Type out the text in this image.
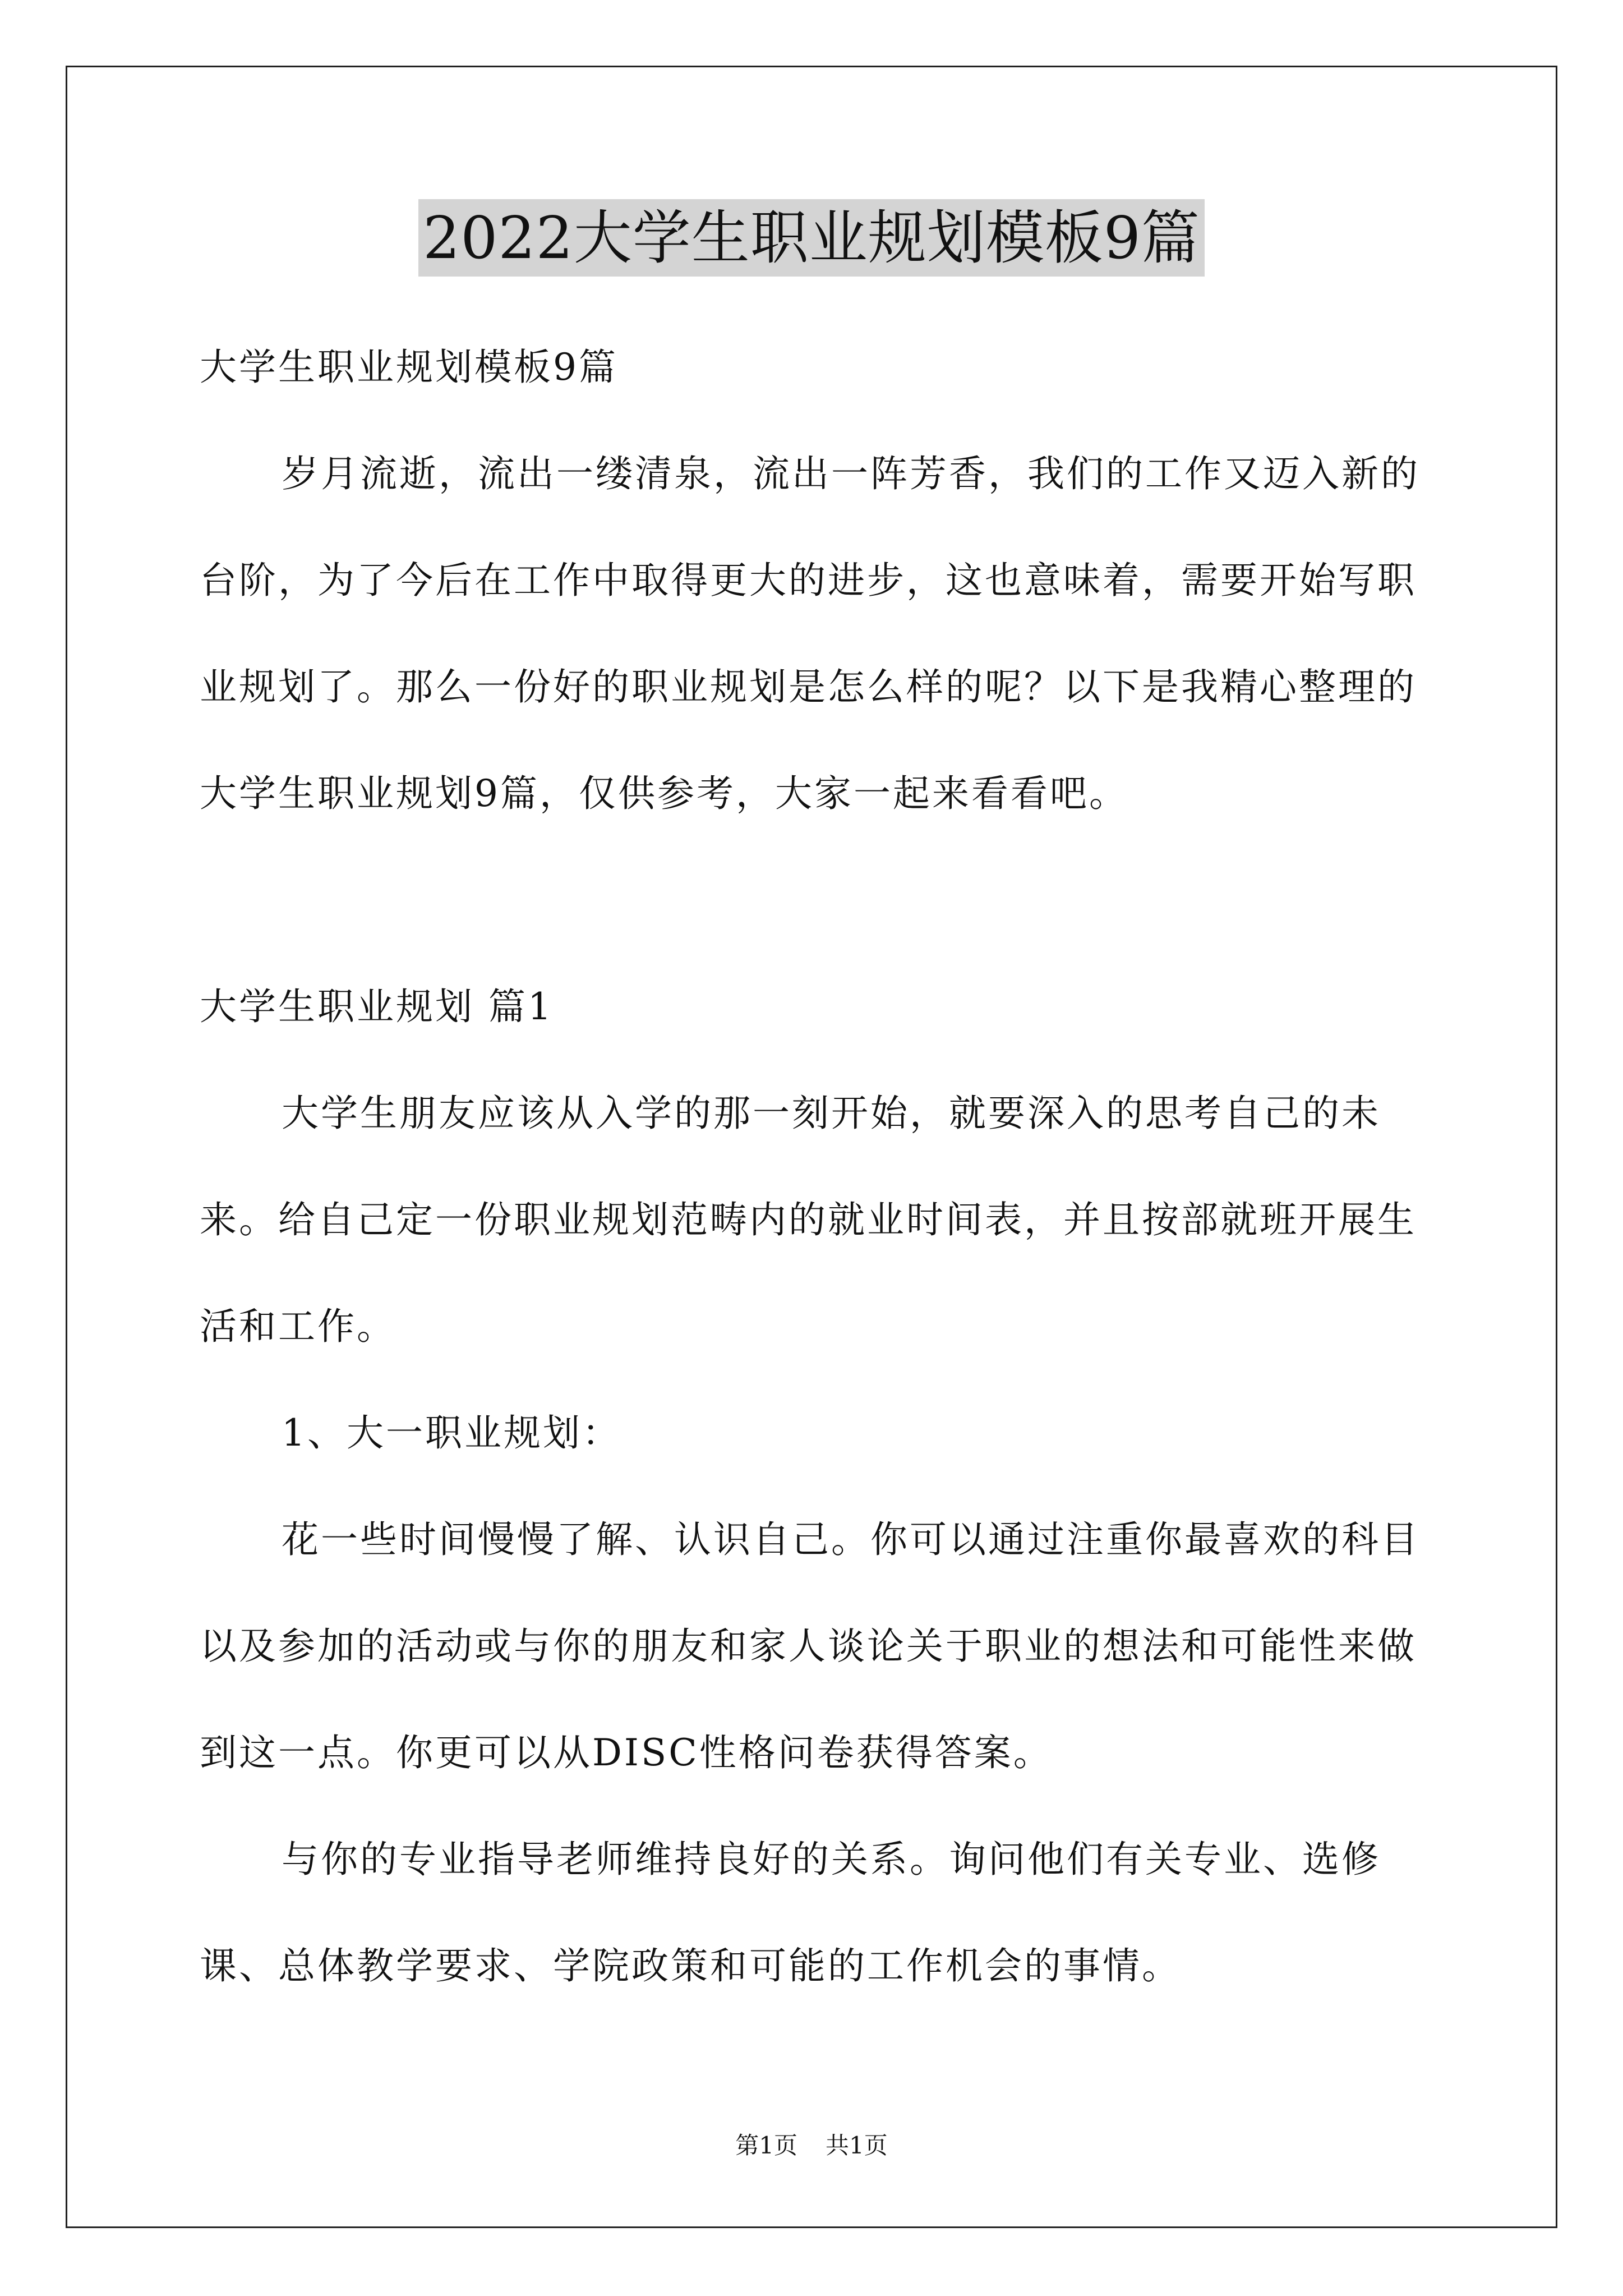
2022大学生职业规划模板9篇

大学生职业规划模板9篇

岁月流逝，流出一缕清泉，流出一阵芳香，我们的工作又迈入新的台阶，为了今后在工作中取得更大的进步，这也意味着，需要开始写职业规划了。那么一份好的职业规划是怎么样的呢？以下是我精心整理的大学生职业规划9篇，仅供参考，大家一起来看看吧。

大学生职业规划 篇1

大学生朋友应该从入学的那一刻开始，就要深入的思考自己的未来。给自己定一份职业规划范畴内的就业时间表，并且按部就班开展生活和工作。

1、大一职业规划：

花一些时间慢慢了解、认识自己。你可以通过注重你最喜欢的科目以及参加的活动或与你的朋友和家人谈论关于职业的想法和可能性来做到这一点。你更可以从DISC性格问卷获得答案。

与你的专业指导老师维持良好的关系。询问他们有关专业、选修课、总体教学要求、学院政策和可能的工作机会的事情。

第1页 共1页
